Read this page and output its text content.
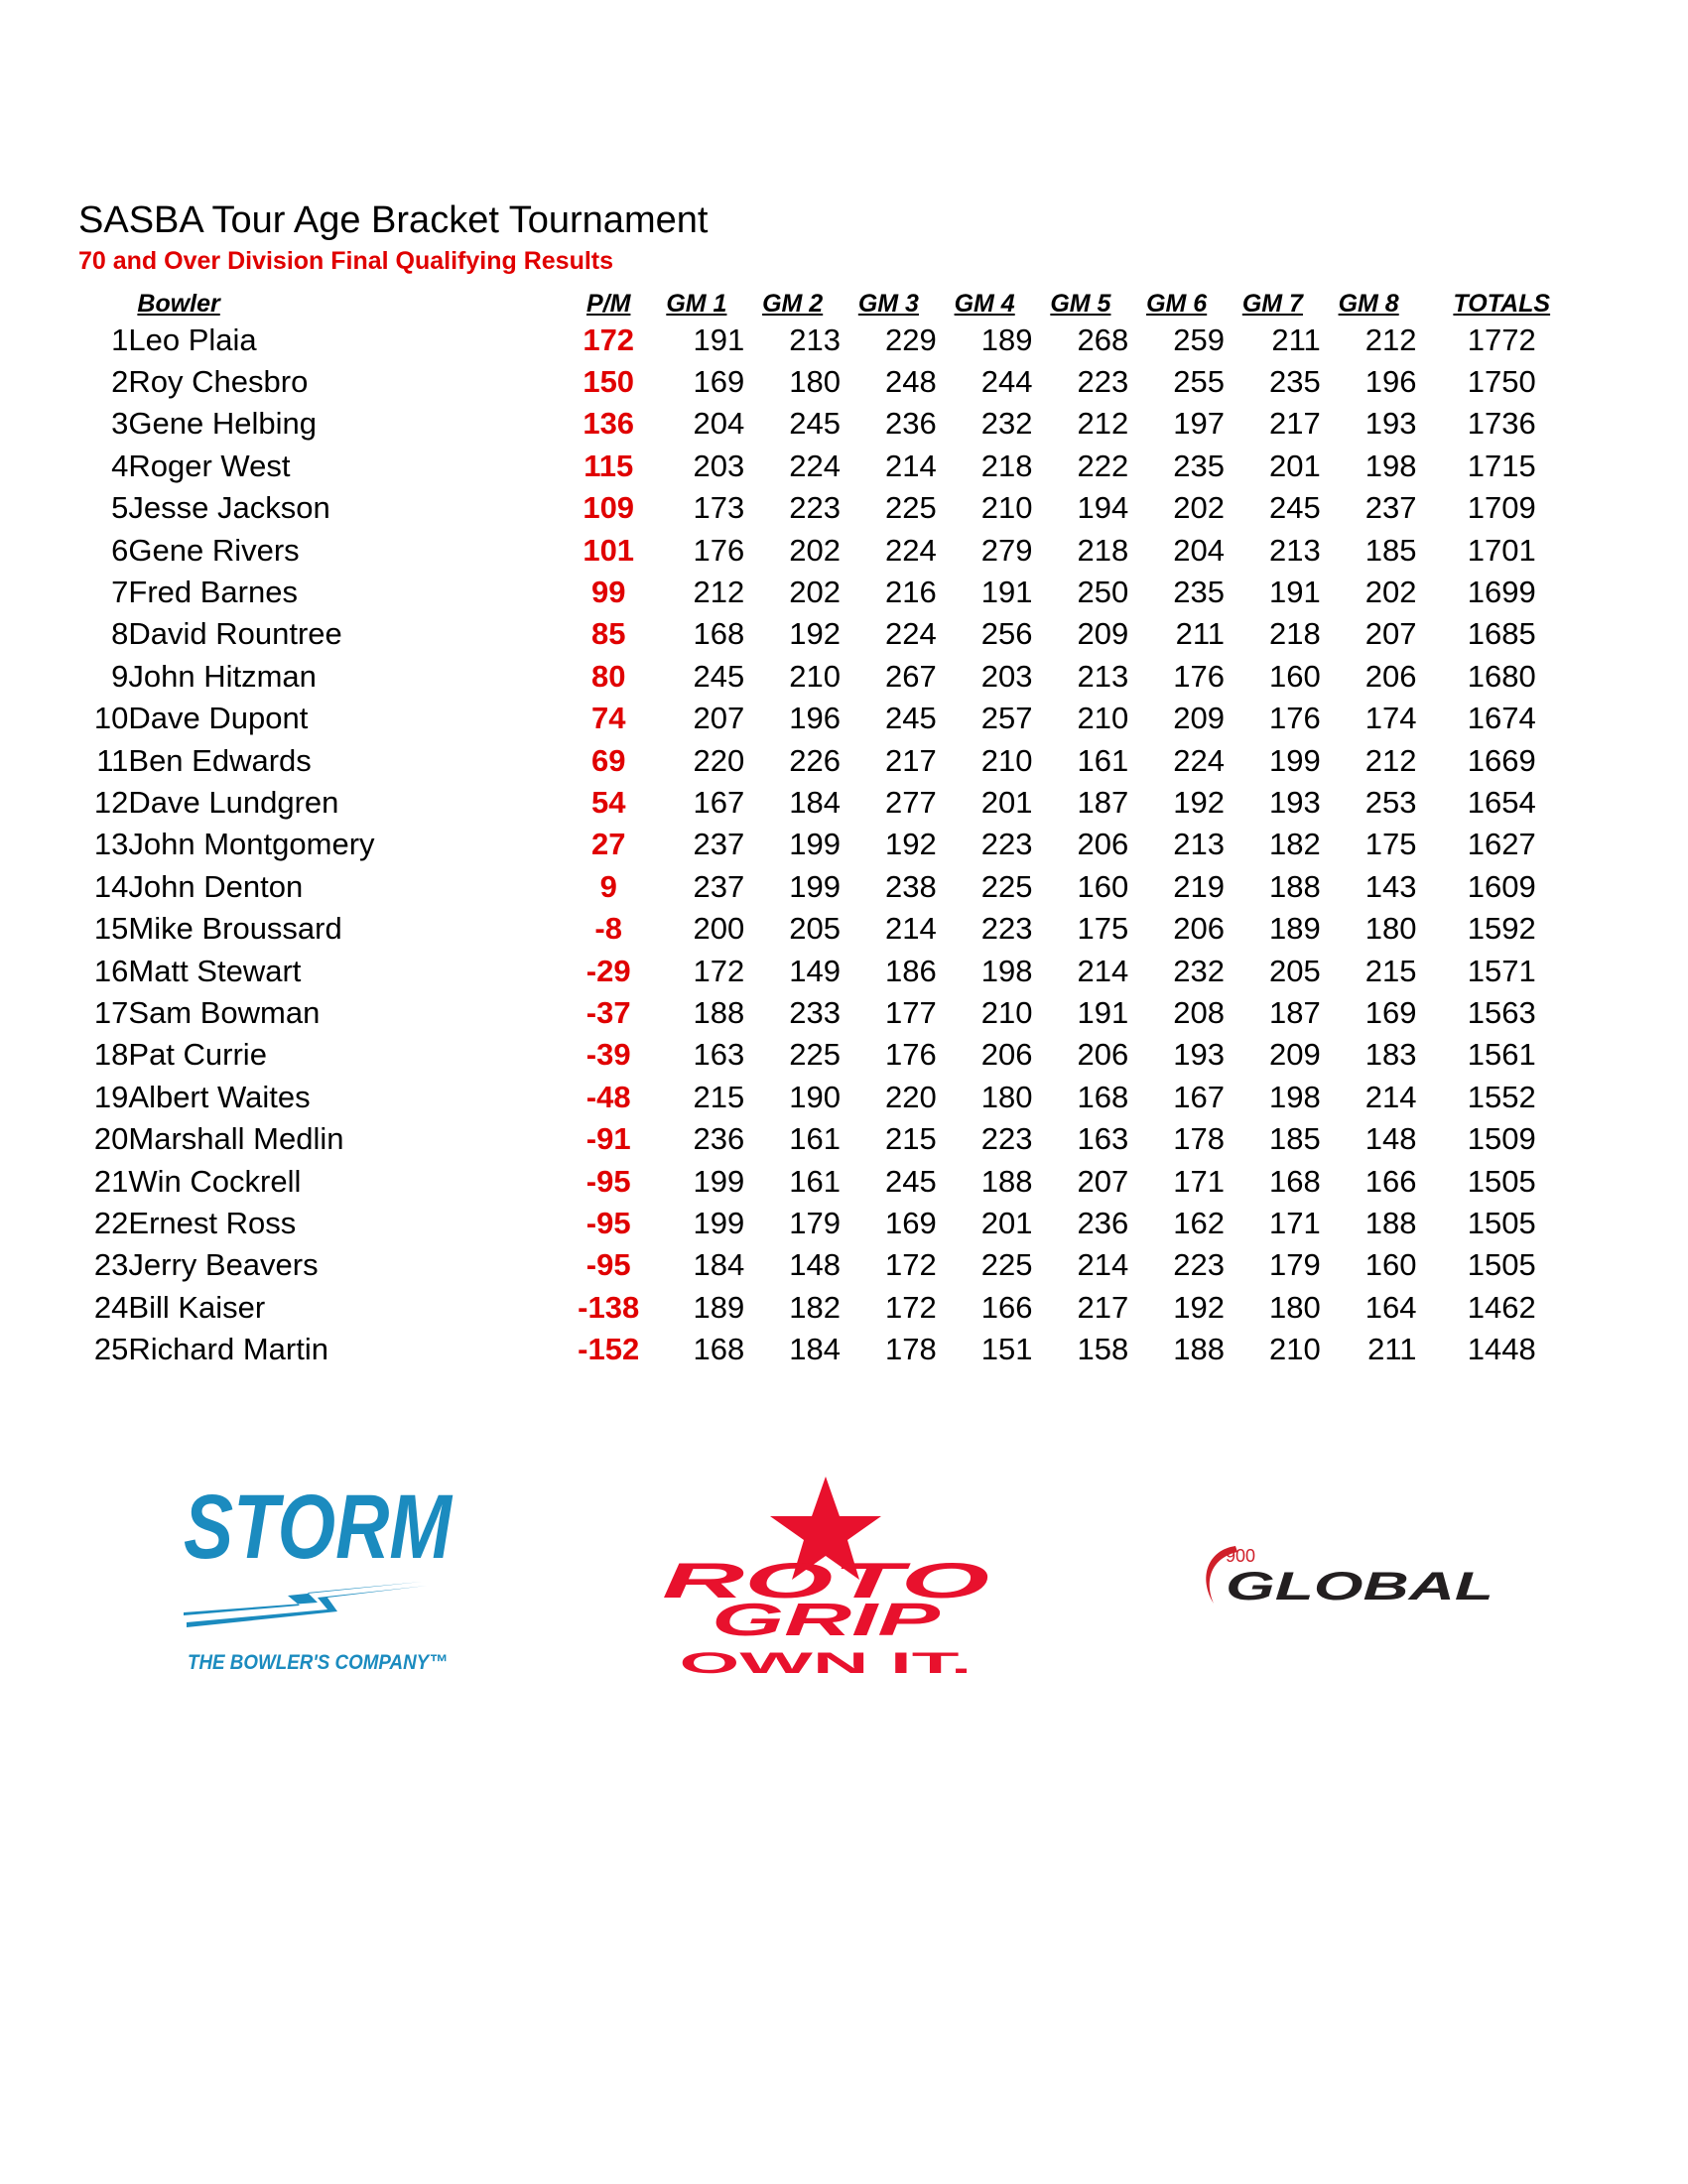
SASBA Tour Age Bracket Tournament
70 and Over Division Final Qualifying Results
	Bowler	P/M	GM 1	GM 2	GM 3	GM 4	GM 5	GM 6	GM 7	GM 8	TOTALS
1	Leo Plaia	172	191	213	229	189	268	259	211	212	1772
2	Roy Chesbro	150	169	180	248	244	223	255	235	196	1750
3	Gene Helbing	136	204	245	236	232	212	197	217	193	1736
4	Roger West	115	203	224	214	218	222	235	201	198	1715
5	Jesse Jackson	109	173	223	225	210	194	202	245	237	1709
6	Gene Rivers	101	176	202	224	279	218	204	213	185	1701
7	Fred Barnes	99	212	202	216	191	250	235	191	202	1699
8	David Rountree	85	168	192	224	256	209	211	218	207	1685
9	John Hitzman	80	245	210	267	203	213	176	160	206	1680
10	Dave Dupont	74	207	196	245	257	210	209	176	174	1674
11	Ben Edwards	69	220	226	217	210	161	224	199	212	1669
12	Dave Lundgren	54	167	184	277	201	187	192	193	253	1654
13	John Montgomery	27	237	199	192	223	206	213	182	175	1627
14	John Denton	9	237	199	238	225	160	219	188	143	1609
15	Mike Broussard	-8	200	205	214	223	175	206	189	180	1592
16	Matt Stewart	-29	172	149	186	198	214	232	205	215	1571
17	Sam Bowman	-37	188	233	177	210	191	208	187	169	1563
18	Pat Currie	-39	163	225	176	206	206	193	209	183	1561
19	Albert Waites	-48	215	190	220	180	168	167	198	214	1552
20	Marshall Medlin	-91	236	161	215	223	163	178	185	148	1509
21	Win Cockrell	-95	199	161	245	188	207	171	168	166	1505
22	Ernest Ross	-95	199	179	169	201	236	162	171	188	1505
23	Jerry Beavers	-95	184	148	172	225	214	223	179	160	1505
24	Bill Kaiser	-138	189	182	172	166	217	192	180	164	1462
25	Richard Martin	-152	168	184	178	151	158	188	210	211	1448
STORM
THE BOWLER'S COMPANY™
ROTO
GRIP
OWN IT.
900
GLOBAL
